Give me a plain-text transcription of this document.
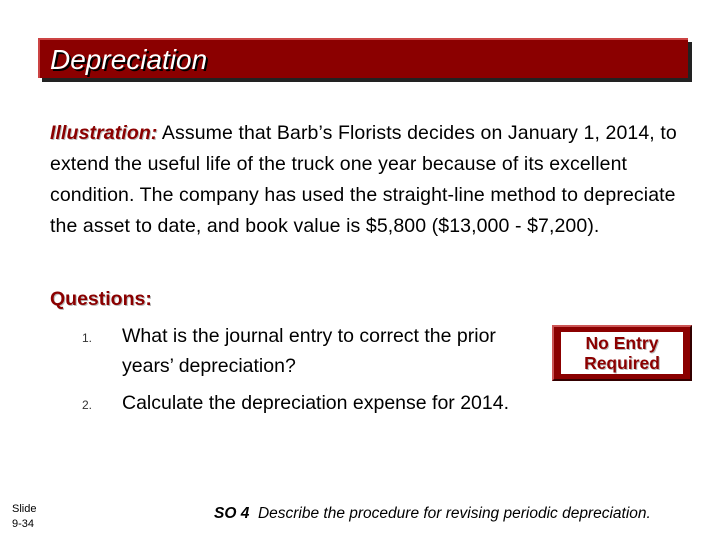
Depreciation
Illustration: Assume that Barb’s Florists decides on January 1, 2014, to extend the useful life of the truck one year because of its excellent condition. The company has used the straight-line method to depreciate the asset to date, and book value is $5,800 ($13,000 - $7,200).
Questions:
1. What is the journal entry to correct the prior years’ depreciation?
2. Calculate the depreciation expense for 2014.
No Entry Required
Slide
9-34
SO 4 Describe the procedure for revising periodic depreciation.
